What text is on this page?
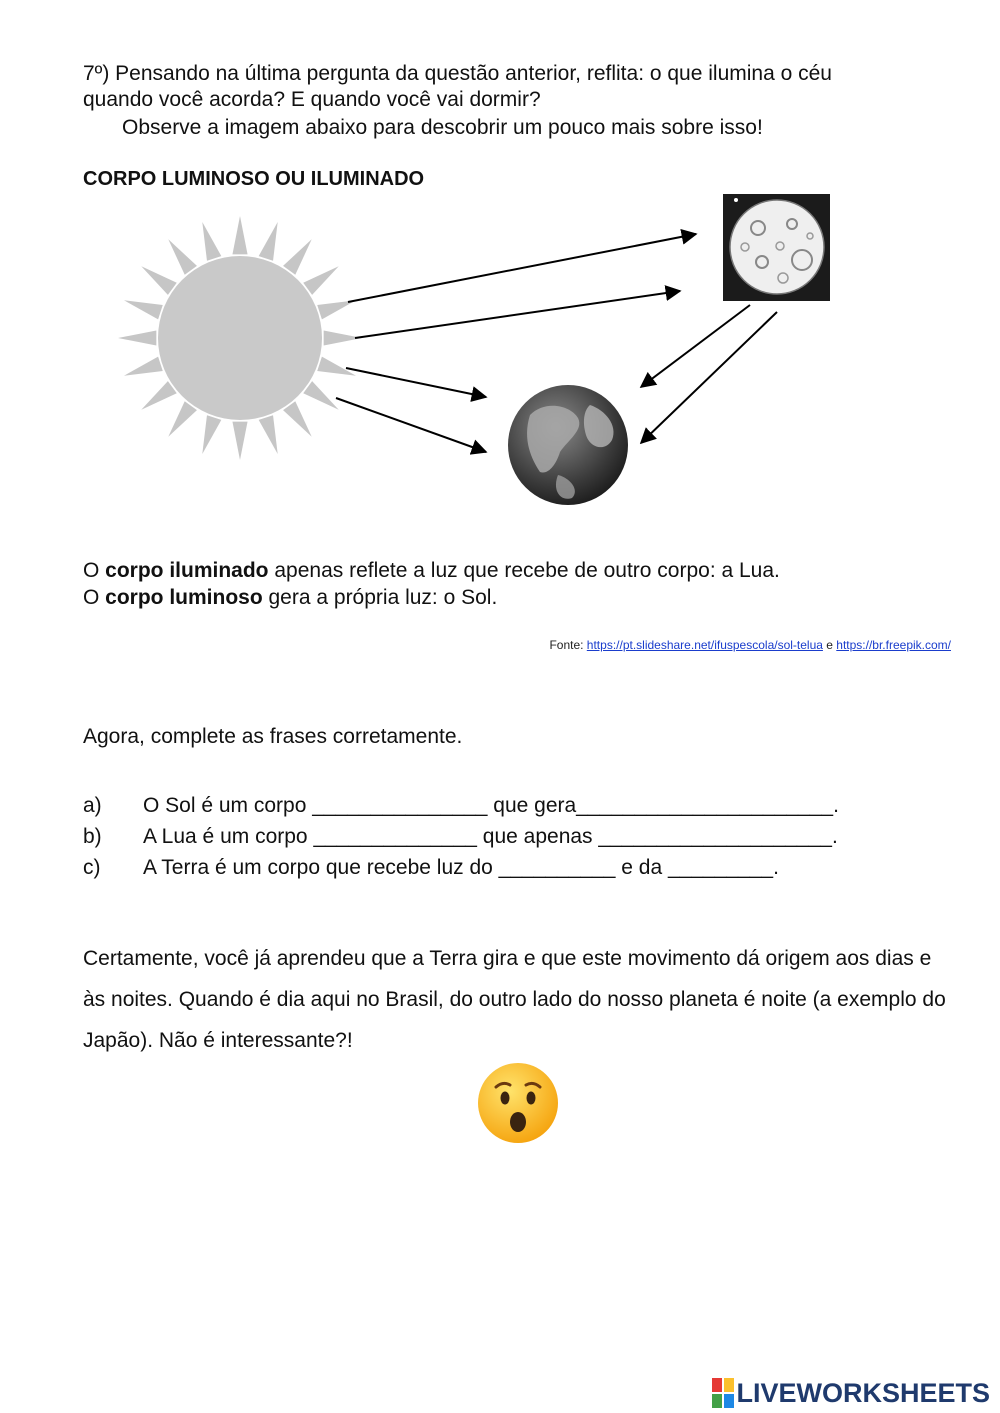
7º) Pensando na última pergunta da questão anterior, reflita: o que ilumina o céu
quando você acorda? E quando você vai dormir?
Observe a imagem abaixo para descobrir um pouco mais sobre isso!
CORPO LUMINOSO OU ILUMINADO
O corpo iluminado apenas reflete a luz que recebe de outro corpo: a Lua.
O corpo luminoso gera a própria luz: o Sol.
Fonte: https://pt.slideshare.net/ifuspescola/sol-telua e https://br.freepik.com/
Agora, complete as frases corretamente.
a) O Sol é um corpo _______________ que gera______________________.
b) A Lua é um corpo ______________ que apenas ____________________.
c) A Terra é um corpo que recebe luz do __________ e da _________.
Certamente, você já aprendeu que a Terra gira e que este movimento dá origem aos dias e às noites. Quando é dia aqui no Brasil, do outro lado do nosso planeta é noite (a exemplo do Japão). Não é interessante?!
LIVEWORKSHEETS
